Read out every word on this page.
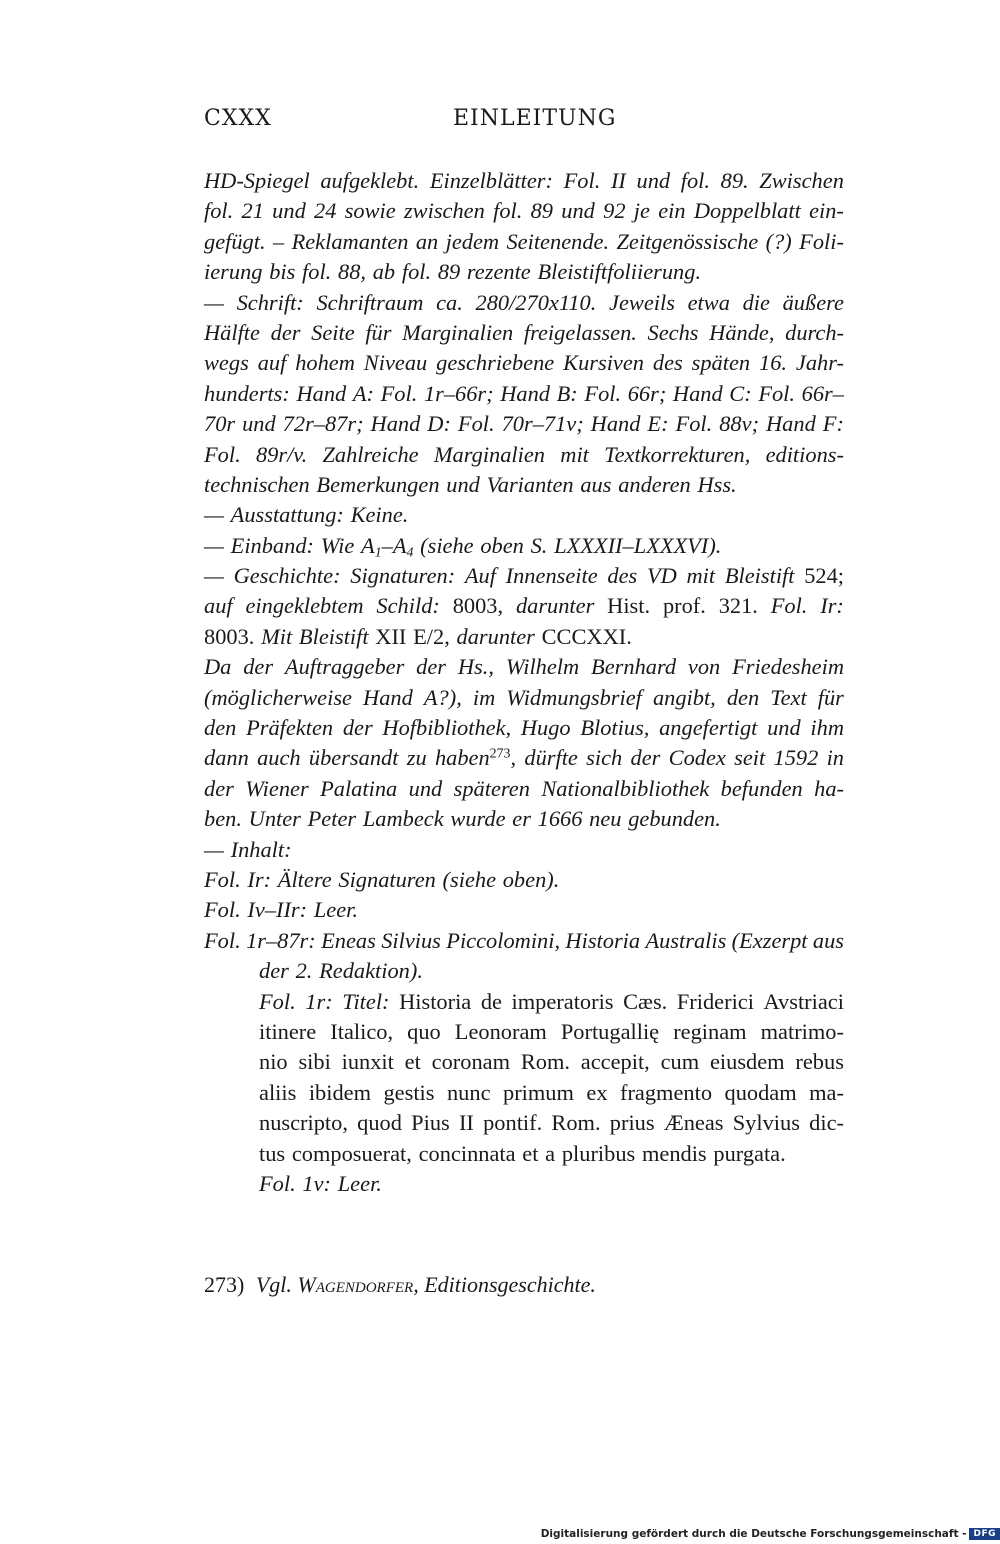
CXXX	EINLEITUNG
HD-Spiegel aufgeklebt. Einzelblätter: Fol. II und fol. 89. Zwischen
fol. 21 und 24 sowie zwischen fol. 89 und 92 je ein Doppelblatt ein-
gefügt. – Reklamanten an jedem Seitenende. Zeitgenössische (?) Foli-
ierung bis fol. 88, ab fol. 89 rezente Bleistiftfoliierung.
— Schrift: Schriftraum ca. 280/270x110. Jeweils etwa die äußere
Hälfte der Seite für Marginalien freigelassen. Sechs Hände, durch-
wegs auf hohem Niveau geschriebene Kursiven des späten 16. Jahr-
hunderts: Hand A: Fol. 1r–66r; Hand B: Fol. 66r; Hand C: Fol. 66r–
70r und 72r–87r; Hand D: Fol. 70r–71v; Hand E: Fol. 88v; Hand F:
Fol. 89r/v. Zahlreiche Marginalien mit Textkorrekturen, editions-
technischen Bemerkungen und Varianten aus anderen Hss.
— Ausstattung: Keine.
— Einband: Wie $A_1-A_4$ (siehe oben S. LXXXII–LXXXVI).
— Geschichte: Signaturen: Auf Innenseite des VD mit Bleistift 524;
auf eingeklebtem Schild: 8003, darunter Hist. prof. 321. Fol. Ir:
8003. Mit Bleistift XII E/2, darunter CCCXXI.
Da der Auftraggeber der Hs., Wilhelm Bernhard von Friedesheim
(möglicherweise Hand A?), im Widmungsbrief angibt, den Text für
den Präfekten der Hofbibliothek, Hugo Blotius, angefertigt und ihm
dann auch übersandt zu haben$^{273}$, dürfte sich der Codex seit 1592 in
der Wiener Palatina und späteren Nationalbibliothek befunden ha-
ben. Unter Peter Lambeck wurde er 1666 neu gebunden.
— Inhalt:
Fol. Ir: Ältere Signaturen (siehe oben).
Fol. Iv–IIr: Leer.
Fol. 1r–87r: Eneas Silvius Piccolomini, Historia Australis (Exzerpt aus
der 2. Redaktion).
Fol. 1r: Titel: Historia de imperatoris Cæs. Friderici Avstriaci
itinere Italico, quo Leonoram Portugallię reginam matrimo-
nio sibi iunxit et coronam Rom. accepit, cum eiusdem rebus
aliis ibidem gestis nunc primum ex fragmento quodam ma-
nuscripto, quod Pius II pontif. Rom. prius Æneas Sylvius dic-
tus composuerat, concinnata et a pluribus mendis purgata.
Fol. 1v: Leer.
273) Vgl. Wagendorfer, Editionsgeschichte.
Digitalisierung gefördert durch die Deutsche Forschungsgemeinschaft - DFG
